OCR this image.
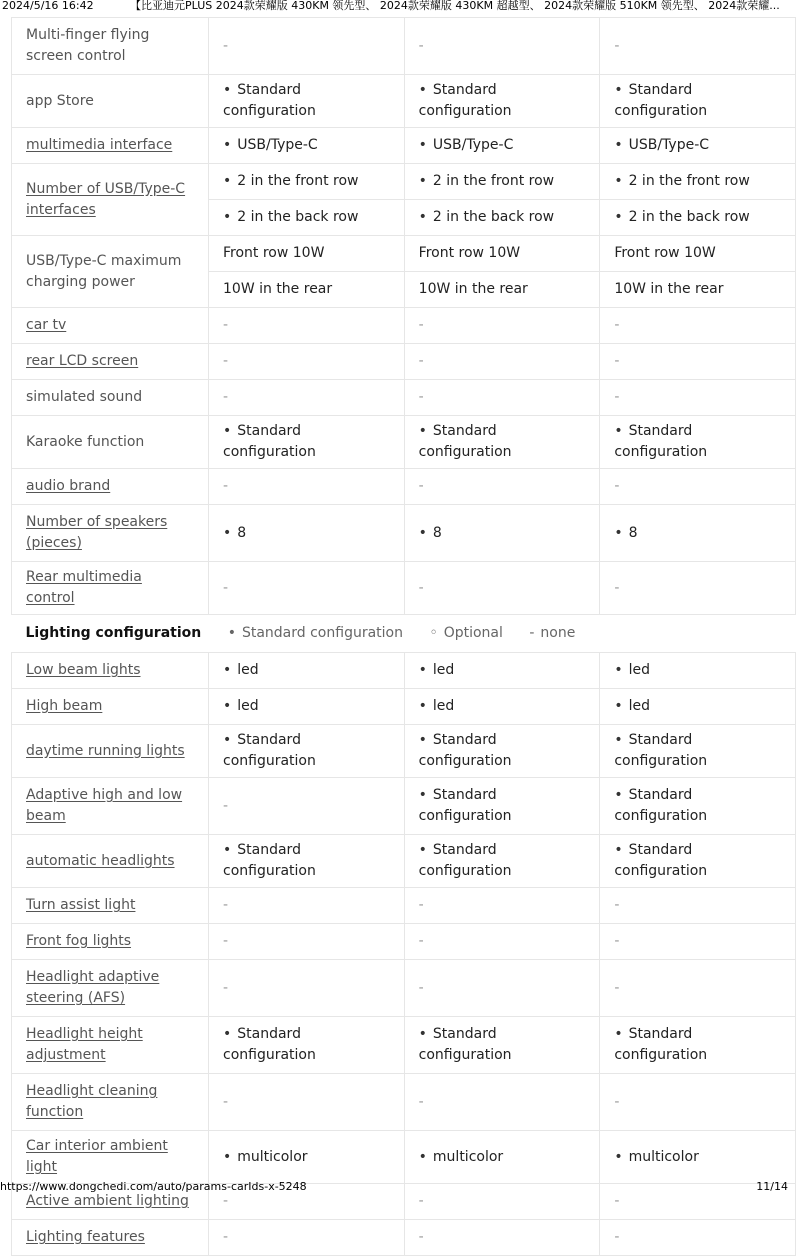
2024/5/16 16:42	【比亚迪元PLUS 2024款荣耀版 430KM 领先型、 2024款荣耀版 430KM 超越型、 2024款荣耀版 510KM 领先型、 2024款荣耀...
Multi-finger flying screen control	-	-	-
app Store	• Standard configuration	• Standard configuration	• Standard configuration
multimedia interface	• USB/Type-C	• USB/Type-C	• USB/Type-C
Number of USB/Type-C interfaces	• 2 in the front row	• 2 in the front row	• 2 in the front row
	• 2 in the back row	• 2 in the back row	• 2 in the back row
USB/Type-C maximum charging power	Front row 10W	Front row 10W	Front row 10W
	10W in the rear	10W in the rear	10W in the rear
car tv	-	-	-
rear LCD screen	-	-	-
simulated sound	-	-	-
Karaoke function	• Standard configuration	• Standard configuration	• Standard configuration
audio brand	-	-	-
Number of speakers (pieces)	• 8	• 8	• 8
Rear multimedia control	-	-	-
Lighting configuration • Standard configuration ◦ Optional - none			
Low beam lights	• led	• led	• led
High beam	• led	• led	• led
daytime running lights	• Standard configuration	• Standard configuration	• Standard configuration
Adaptive high and low beam	-	• Standard configuration	• Standard configuration
automatic headlights	• Standard configuration	• Standard configuration	• Standard configuration
Turn assist light	-	-	-
Front fog lights	-	-	-
Headlight adaptive steering (AFS)	-	-	-
Headlight height adjustment	• Standard configuration	• Standard configuration	• Standard configuration
Headlight cleaning function	-	-	-
Car interior ambient light	• multicolor	• multicolor	• multicolor
Active ambient lighting	-	-	-
Lighting features	-	-	-
https://www.dongchedi.com/auto/params-carIds-x-5248	11/14
